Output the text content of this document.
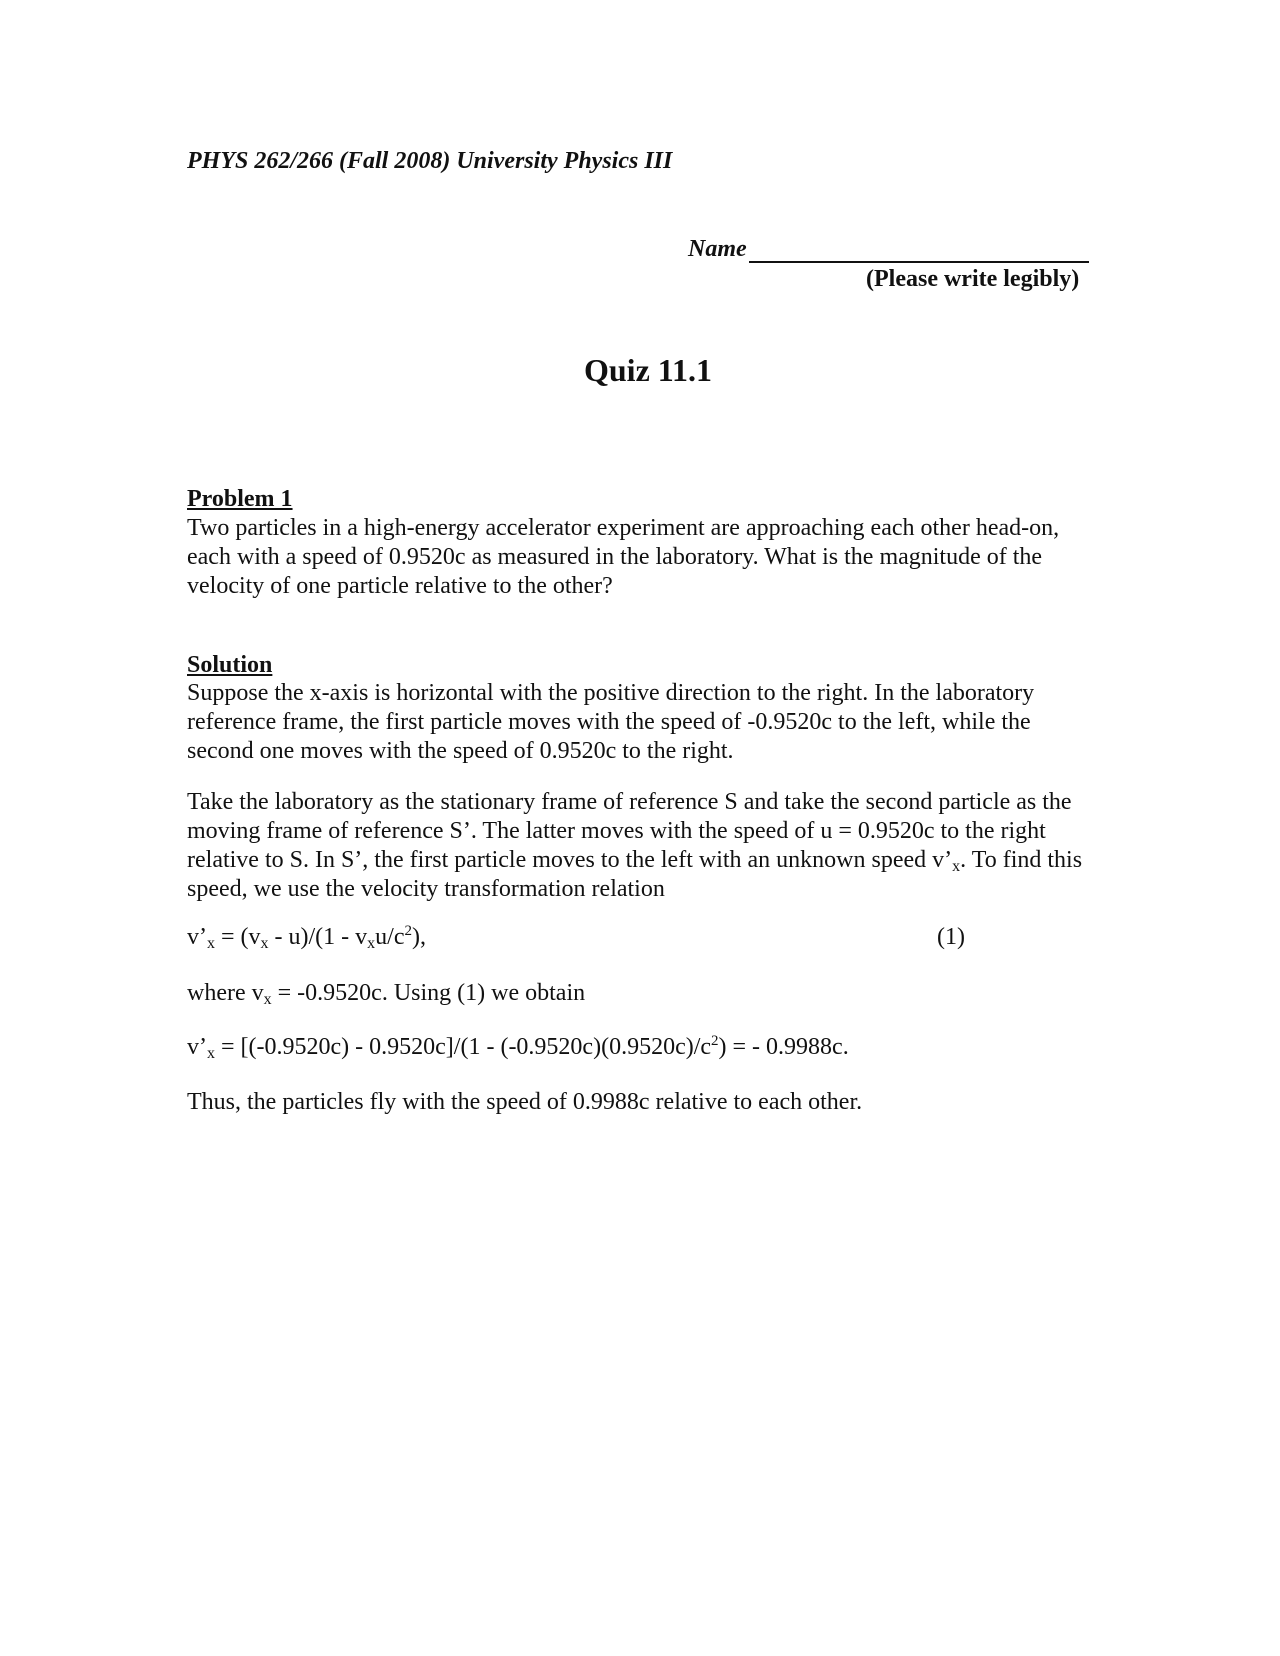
PHYS 262/266 (Fall 2008) University Physics III
Name
(Please write legibly)
Quiz 11.1
Problem 1
Two particles in a high-energy accelerator experiment are approaching each other head-on, each with a speed of 0.9520c as measured in the laboratory. What is the magnitude of the velocity of one particle relative to the other?
Solution
Suppose the x-axis is horizontal with the positive direction to the right. In the laboratory reference frame, the first particle moves with the speed of -0.9520c to the left, while the second one moves with the speed of 0.9520c to the right.
Take the laboratory as the stationary frame of reference S and take the second particle as the moving frame of reference S’. The latter moves with the speed of u = 0.9520c to the right relative to S. In S’, the first particle moves to the left with an unknown speed $v’_x$. To find this speed, we use the velocity transformation relation
$v’_x = (v_x - u)/(1 - v_xu/c^2)$,	(1)
where $v_x = -0.9520c$. Using (1) we obtain
$v’_x = [(-0.9520c) - 0.9520c]/(1 - (-0.9520c)(0.9520c)/c^2)$ = - 0.9988c.
Thus, the particles fly with the speed of 0.9988c relative to each other.
